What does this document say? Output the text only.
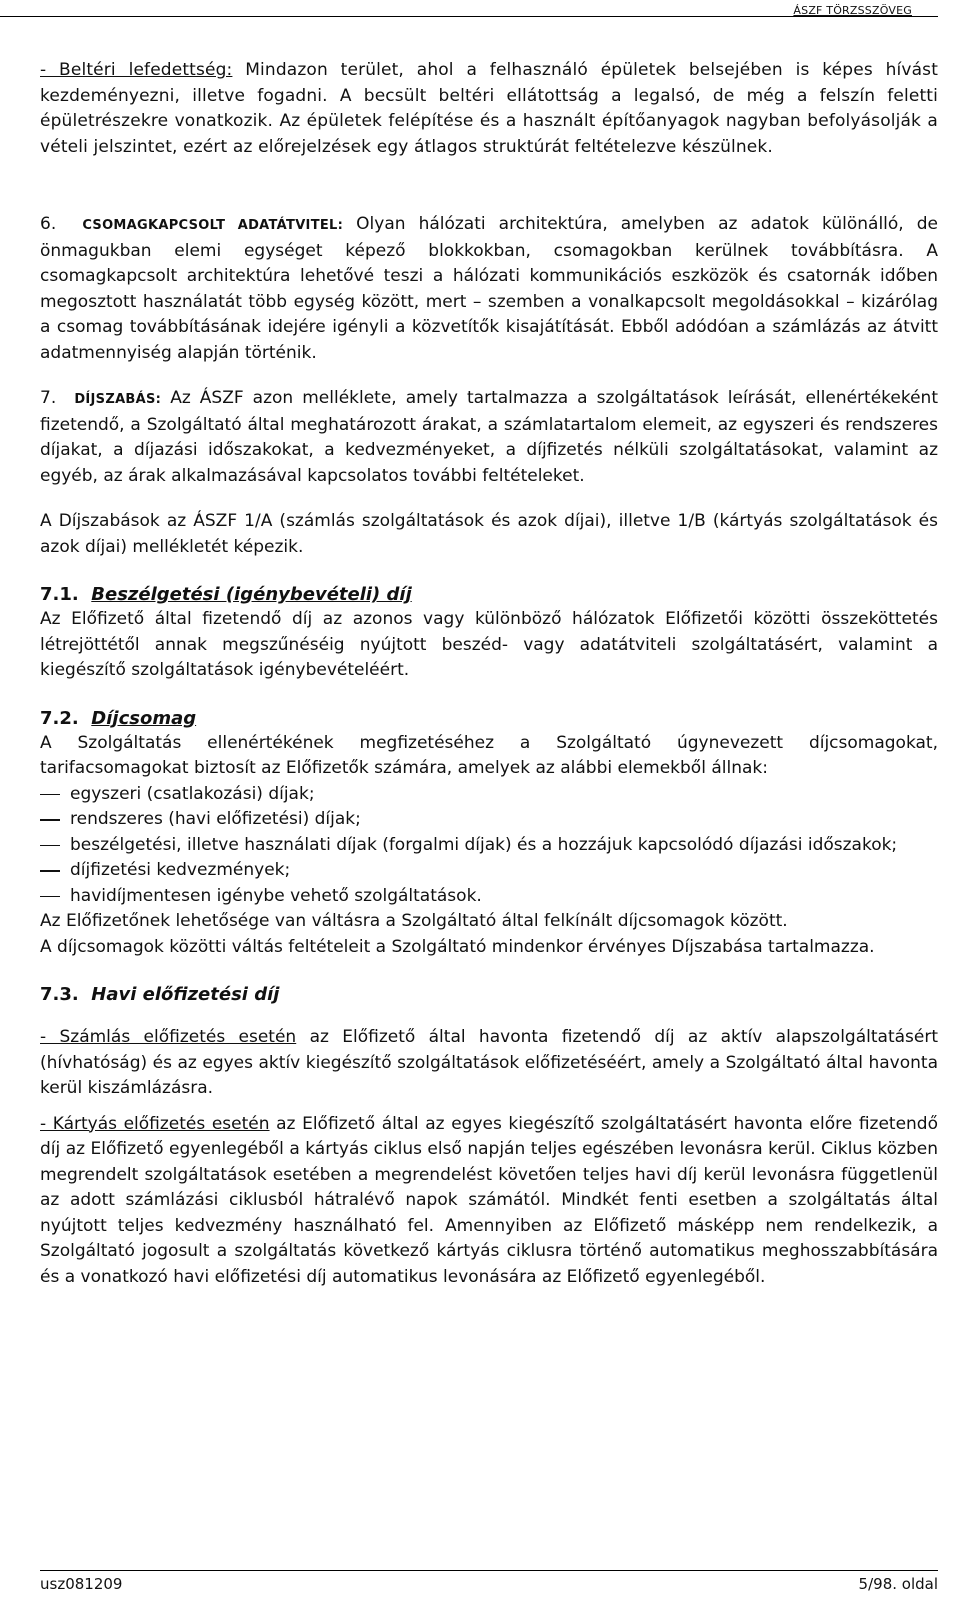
ÁSZF TÖRZSSZÖVEG

- Beltéri lefedettség: Mindazon terület, ahol a felhasználó épületek belsejében is képes hívást kezdeményezni, illetve fogadni. A becsült beltéri ellátottság a legalsó, de még a felszín feletti épületrészekre vonatkozik. Az épületek felépítése és a használt építőanyagok nagyban befolyásolják a vételi jelszintet, ezért az előrejelzések egy átlagos struktúrát feltételezve készülnek.

6. CSOMAGKAPCSOLT ADATÁTVITEL: Olyan hálózati architektúra, amelyben az adatok különálló, de önmagukban elemi egységet képező blokkokban, csomagokban kerülnek továbbításra. A csomagkapcsolt architektúra lehetővé teszi a hálózati kommunikációs eszközök és csatornák időben megosztott használatát több egység között, mert – szemben a vonalkapcsolt megoldásokkal – kizárólag a csomag továbbításának idejére igényli a közvetítők kisajátítását. Ebből adódóan a számlázás az átvitt adatmennyiség alapján történik.

7. DÍJSZABÁS: Az ÁSZF azon melléklete, amely tartalmazza a szolgáltatások leírását, ellenértékeként fizetendő, a Szolgáltató által meghatározott árakat, a számlatartalom elemeit, az egyszeri és rendszeres díjakat, a díjazási időszakokat, a kedvezményeket, a díjfizetés nélküli szolgáltatásokat, valamint az egyéb, az árak alkalmazásával kapcsolatos további feltételeket.

A Díjszabások az ÁSZF 1/A (számlás szolgáltatások és azok díjai), illetve 1/B (kártyás szolgáltatások és azok díjai) mellékletét képezik.

7.1. Beszélgetési (igénybevételi) díj

Az Előfizető által fizetendő díj az azonos vagy különböző hálózatok Előfizetői közötti összeköttetés létrejöttétől annak megszűnéséig nyújtott beszéd- vagy adatátviteli szolgáltatásért, valamint a kiegészítő szolgáltatások igénybevételéért.

7.2. Díjcsomag

A Szolgáltatás ellenértékének megfizetéséhez a Szolgáltató úgynevezett díjcsomagokat, tarifacsomagokat biztosít az Előfizetők számára, amelyek az alábbi elemekből állnak:

egyszeri (csatlakozási) díjak;
rendszeres (havi előfizetési) díjak;
beszélgetési, illetve használati díjak (forgalmi díjak) és a hozzájuk kapcsolódó díjazási időszakok;
díjfizetési kedvezmények;
havidíjmentesen igénybe vehető szolgáltatások.

Az Előfizetőnek lehetősége van váltásra a Szolgáltató által felkínált díjcsomagok között.

A díjcsomagok közötti váltás feltételeit a Szolgáltató mindenkor érvényes Díjszabása tartalmazza.

7.3. Havi előfizetési díj

- Számlás előfizetés esetén az Előfizető által havonta fizetendő díj az aktív alapszolgáltatásért (hívhatóság) és az egyes aktív kiegészítő szolgáltatások előfizetéséért, amely a Szolgáltató által havonta kerül kiszámlázásra.

- Kártyás előfizetés esetén az Előfizető által az egyes kiegészítő szolgáltatásért havonta előre fizetendő díj az Előfizető egyenlegéből a kártyás ciklus első napján teljes egészében levonásra kerül. Ciklus közben megrendelt szolgáltatások esetében a megrendelést követően teljes havi díj kerül levonásra függetlenül az adott számlázási ciklusból hátralévő napok számától. Mindkét fenti esetben a szolgáltatás által nyújtott teljes kedvezmény használható fel. Amennyiben az Előfizető másképp nem rendelkezik, a Szolgáltató jogosult a szolgáltatás következő kártyás ciklusra történő automatikus meghosszabbítására és a vonatkozó havi előfizetési díj automatikus levonására az Előfizető egyenlegéből.

usz081209	5/98. oldal
